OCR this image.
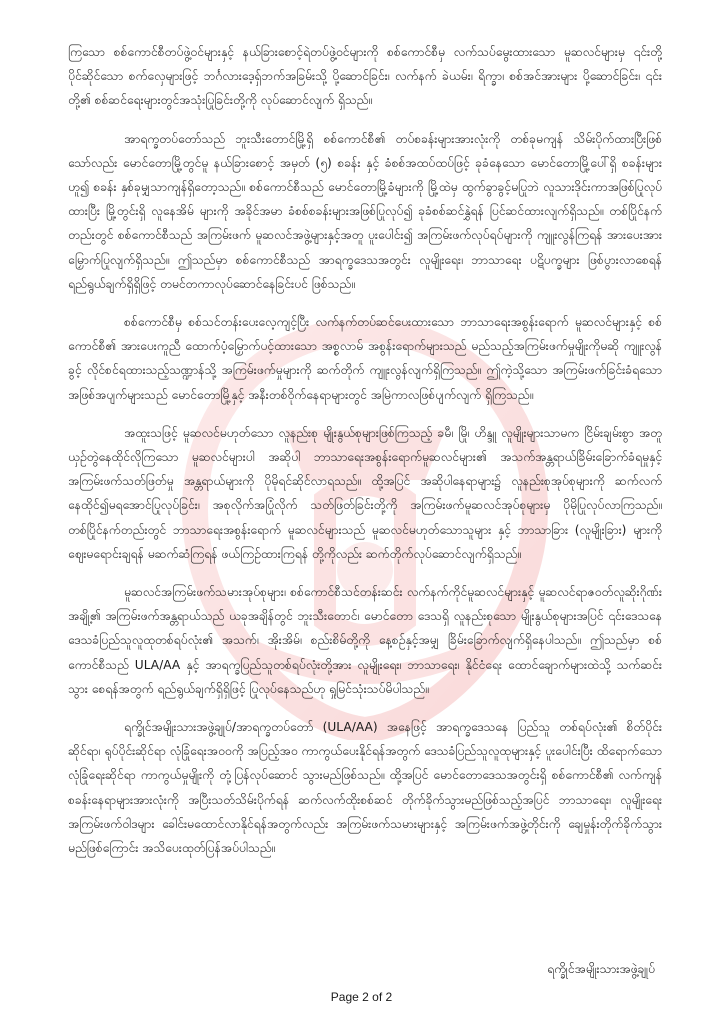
ကြသော စစ်ကောင်စီတပ်ဖွဲ့ဝင်များနှင့် နယ်ခြားစောင့်ရဲတပ်ဖွဲ့ဝင်များကို စစ်ကောင်စီမှ လက်သပ်မွေးထားသော မူဆလင်များမှ ၎င်းတို့ပိုင်ဆိုင်သော စက်လှေများဖြင့် ဘင်္ဂလားဒေ့ရှ်ဘက်အခြမ်းသို့ ပို့ဆောင်ခြင်း၊ လက်နက် ခဲယမ်း၊ ရိက္ခာ၊ စစ်အင်အားများ ပို့ဆောင်ခြင်း၊ ၎င်းတို့၏ စစ်ဆင်ရေးများတွင်အသုံးပြုခြင်းတို့ကို လုပ်ဆောင်လျက် ရှိသည်။

အာရက္ခတပ်တော်သည် ဘူးသီးတောင်မြို့ရှိ စစ်ကောင်စီ၏ တပ်စခန်းများအားလုံးကို တစ်ခုမကျန် သိမ်းပိုက်ထားပြီးဖြစ်သော်လည်း မောင်တောမြို့တွင်မူ နယ်ခြားစောင့် အမှတ် (၅) စခန်း နှင့် ခံစစ်အထပ်ထပ်ဖြင့် ခုခံနေသော မောင်တောမြို့ပေါ်ရှိ စခန်းများဟူ၍ စခန်း နှစ်ခုမျှသာကျန်ရှိတော့သည်။ စစ်ကောင်စီသည် မောင်တောမြို့ခံများကို မြို့ထဲမှ ထွက်ခွာခွင့်မပြုဘဲ လူသားဒိုင်းကာအဖြစ်ပြုလုပ်ထားပြီး မြို့တွင်းရှိ လူနေအိမ် များကို အခိုင်အမာ ခံစစ်စခန်းများအဖြစ်ပြုလုပ်၍ ခုခံစစ်ဆင်နွှဲရန် ပြင်ဆင်ထားလျက်ရှိသည်။ တစ်ပြိုင်နက် တည်းတွင် စစ်ကောင်စီသည် အကြမ်းဖက် မူဆလင်အဖွဲ့များနှင့်အတူ ပူးပေါင်း၍ အကြမ်းဖက်လုပ်ရပ်များကို ကျူးလွန်ကြရန် အားပေးအားမြှောက်ပြုလျက်ရှိသည်။ ဤသည်မှာ စစ်ကောင်စီသည် အာရက္ခဒေသအတွင်း လူမျိုးရေး၊ ဘာသာရေး ပဋိပက္ခများ ဖြစ်ပွားလာစေရန် ရည်ရွယ်ချက်ရှိရှိဖြင့် တမင်တကာလုပ်ဆောင်နေခြင်းပင် ဖြစ်သည်။

စစ်ကောင်စီမှ စစ်သင်တန်းပေးလေ့ကျင့်ပြီး လက်နက်တပ်ဆင်ပေးထားသော ဘာသာရေးအစွန်းရောက် မူဆလင်များနှင့် စစ်ကောင်စီ၏ အားပေးကူညီ ထောက်ပံ့မြှောက်ပင့်ထားသော အစ္စလာမ် အစွန်းရောက်များသည် မည်သည့်အကြမ်းဖက်မှုမျိုးကိုမဆို ကျူးလွန်ခွင့် လိုင်စင်ရထားသည့်သဏ္ဍာန်သို့ အကြမ်းဖက်မှုများကို ဆက်တိုက် ကျူးလွန်လျက်ရှိကြသည်။ ဤကဲ့သို့သော အကြမ်းဖက်ခြင်းခံရသော အဖြစ်အပျက်များသည် မောင်တောမြို့နှင့် အနီးတစ်ဝိုက်နေရာများတွင် အမြဲကာလဖြစ်ပျက်လျက် ရှိကြသည်။

အထူးသဖြင့် မူဆလင်မဟုတ်သော လူနည်းစု မျိုးနွယ်စုများဖြစ်ကြသည့် ခမီ၊ မြို၊ ဟိန္ဒူ လူမျိုးများသာမက ငြိမ်းချမ်းစွာ အတူယှဉ်တွဲနေထိုင်လိုကြသော မူဆလင်များပါ အဆိုပါ ဘာသာရေးအစွန်းရောက်မူဆလင်များ၏ အသက်အန္တရာယ်ခြိမ်းခြောက်ခံရမှုနှင့် အကြမ်းဖက်သတ်ဖြတ်မှု အန္တရာယ်များကို ပိုမိုရင်ဆိုင်လာရသည်။ ထို့အပြင် အဆိုပါနေရာများ၌ လူနည်းစုအုပ်စုများကို ဆက်လက်နေထိုင်၍မရအောင်ပြုလုပ်ခြင်း၊ အစုလိုက်အပြုံလိုက် သတ်ဖြတ်ခြင်းတို့ကို အကြမ်းဖက်မူဆလင်အုပ်စုများမှ ပိုမိုပြုလုပ်လာကြသည်။ တစ်ပြိုင်နက်တည်းတွင် ဘာသာရေးအစွန်းရောက် မူဆလင်များသည် မူဆလင်မဟုတ်သောသူများ နှင့် ဘာသာခြား (လူမျိုးခြား) များကို ဈေးမရောင်းချရန် မဆက်ဆံကြရန် ဖယ်ကြဉ်ထားကြရန် တို့ကိုလည်း ဆက်တိုက်လုပ်ဆောင်လျက်ရှိသည်။

မူဆလင်အကြမ်းဖက်သမားအုပ်စုများ၊ စစ်ကောင်စီသင်တန်းဆင်း လက်နက်ကိုင်မူဆလင်များနှင့် မူဆလင်ရာဇဝတ်လူဆိုးဂိုဏ်းအချို့၏ အကြမ်းဖက်အန္တရာယ်သည် ယခုအချိန်တွင် ဘူးသီးတောင်၊ မောင်တော ဒေသရှိ လူနည်းစုသော မျိုးနွယ်စုများအပြင် ၎င်းဒေသနေ ဒေသခံပြည်သူလူထုတစ်ရပ်လုံး၏ အသက်၊ အိုးအိမ်၊ စည်းစိမ်တို့ကို နေ့စဉ်နှင့်အမျှ ခြိမ်းခြောက်လျက်ရှိနေပါသည်။ ဤသည်မှာ စစ်ကောင်စီသည် ULA/AA နှင့် အာရက္ခပြည်သူတစ်ရပ်လုံးတို့အား လူမျိုးရေး၊ ဘာသာရေး၊ နိုင်ငံရေး ထောင်ချောက်များထဲသို့ သက်ဆင်းသွား စေရန်အတွက် ရည်ရွယ်ချက်ရှိရှိဖြင့် ပြုလုပ်နေသည်ဟု ရှုမြင်သုံးသပ်မိပါသည်။

ရက္ခိုင်အမျိုးသားအဖွဲ့ချုပ်/အာရက္ခတပ်တော် (ULA/AA) အနေဖြင့် အာရက္ခဒေသနေ ပြည်သူ တစ်ရပ်လုံး၏ စိတ်ပိုင်းဆိုင်ရာ၊ ရုပ်ပိုင်းဆိုင်ရာ လုံခြုံရေးအဝဝကို အပြည့်အဝ ကာကွယ်ပေးနိုင်ရန်အတွက် ဒေသခံပြည်သူလူထုများနှင့် ပူးပေါင်းပြီး ထိရောက်သော လုံခြုံရေးဆိုင်ရာ ကာကွယ်မှုမျိုးကို တုံ့ပြန်လုပ်ဆောင် သွားမည်ဖြစ်သည်။ ထို့အပြင် မောင်တောဒေသအတွင်းရှိ စစ်ကောင်စီ၏ လက်ကျန်စခန်းနေရာများအားလုံးကို အပြီးသတ်သိမ်းပိုက်ရန် ဆက်လက်ထိုးစစ်ဆင် တိုက်ခိုက်သွားမည်ဖြစ်သည့်အပြင် ဘာသာရေး၊ လူမျိုးရေး အကြမ်းဖက်ဝါဒများ ခေါင်းမထောင်လာနိုင်ရန်အတွက်လည်း အကြမ်းဖက်သမားများနှင့် အကြမ်းဖက်အဖွဲ့တိုင်းကို ချေမှုန်းတိုက်ခိုက်သွားမည်ဖြစ်ကြောင်း အသိပေးထုတ်ပြန်အပ်ပါသည်။

ရက္ခိုင်အမျိုးသားအဖွဲ့ချုပ်
Page 2 of 2
